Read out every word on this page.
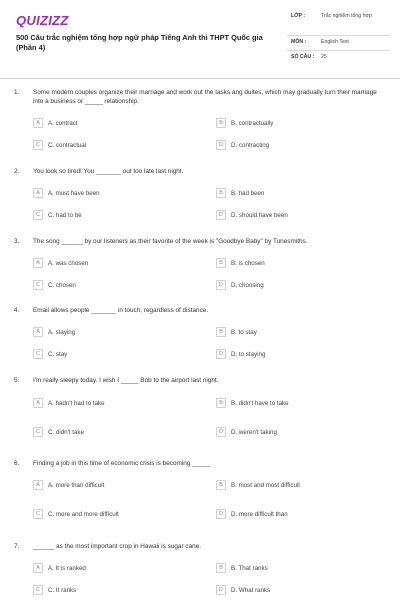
QUIZIZZ
500 Câu trắc nghiệm tổng hợp ngữ pháp Tiếng Anh thi THPT Quốc gia (Phần 4)
LỚP :	Trắc nghiệm tổng hợp
MÔN :	English Test
SỐ CÂU :	25
1. Some modern couples organize their marriage and work out the tasks ang duites, which may gradually turn their marriage into a business or _____ relationship.
A	A. contract	B	B. contractually
C	C. contractual	D	D. contracting
2. You look so tired! You _______ out too late last night.
A	A. must have been	B	B. had been
C	C. had to be	D	D. should have been
3. The song ______ by our listeners as their favorite of the week is "Goodbye Baby" by Tunesmiths.
A	A. was chosen	B	B. is chosen
C	C. chosen	D	D. choosing
4. Email allows people _______ in touch, regardless of distance.
A	A. staying	B	B. to stay
C	C. stay	D	D. to staying
5. I'm really sleepy today. I wish I _____ Bob to the airport last night.
A	A. hadn't had to take	B	B. didn't have to take
C	C. didn't take	D	D. weren't taking
6. Finding a job in this time of economic crisis is becoming _____
A	A. more than difficult	B	B. most and most difficult
C	C. more and more difficult	D	D. more difficult than
7. ______ as the most important crop in Hawaii is sugar cane.
A	A. It is ranked	B	B. That ranks
C	C. It ranks	D	D. What ranks
